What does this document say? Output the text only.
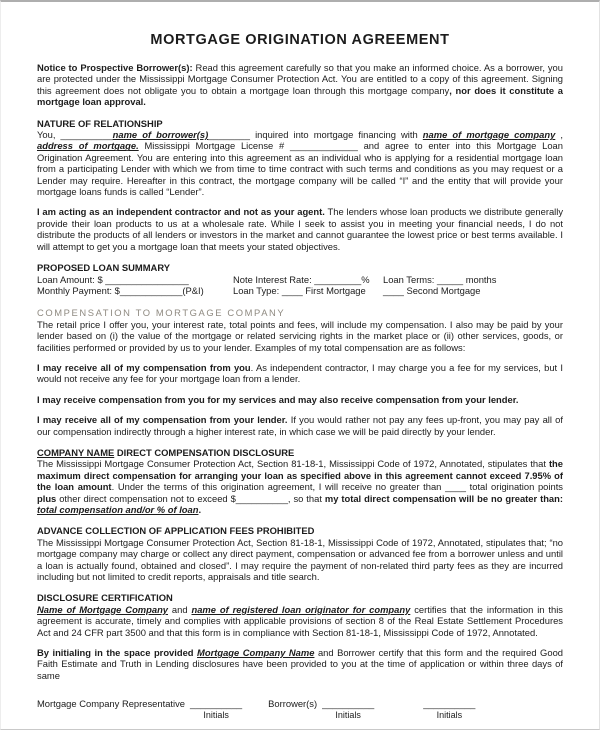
MORTGAGE ORIGINATION AGREEMENT
Notice to Prospective Borrower(s): Read this agreement carefully so that you make an informed choice. As a borrower, you are protected under the Mississippi Mortgage Consumer Protection Act. You are entitled to a copy of this agreement. Signing this agreement does not obligate you to obtain a mortgage loan through this mortgage company, nor does it constitute a mortgage loan approval.
NATURE OF RELATIONSHIP
You, __________name of borrower(s)________ inquired into mortgage financing with name of mortgage company , address of mortgage. Mississippi Mortgage License # _____________ and agree to enter into this Mortgage Loan Origination Agreement. You are entering into this agreement as an individual who is applying for a residential mortgage loan from a participating Lender with which we from time to time contract with such terms and conditions as you may request or a Lender may require. Hereafter in this contract, the mortgage company will be called “I” and the entity that will provide your mortgage loans funds is called “Lender”.
I am acting as an independent contractor and not as your agent. The lenders whose loan products we distribute generally provide their loan products to us at a wholesale rate. While I seek to assist you in meeting your financial needs, I do not distribute the products of all lenders or investors in the market and cannot guarantee the lowest price or best terms available. I will attempt to get you a mortgage loan that meets your stated objectives.
PROPOSED LOAN SUMMARY
Loan Amount: $ ________________	Note Interest Rate: _________%	Loan Terms: _____ months
Monthly Payment: $____________(P&I)	Loan Type: ____ First Mortgage	____ Second Mortgage
COMPENSATION TO MORTGAGE COMPANY
The retail price I offer you, your interest rate, total points and fees, will include my compensation. I also may be paid by your lender based on (i) the value of the mortgage or related servicing rights in the market place or (ii) other services, goods, or facilities performed or provided by us to your lender. Examples of my total compensation are as follows:
I may receive all of my compensation from you. As independent contractor, I may charge you a fee for my services, but I would not receive any fee for your mortgage loan from a lender.
I may receive compensation from you for my services and may also receive compensation from your lender.
I may receive all of my compensation from your lender. If you would rather not pay any fees up-front, you may pay all of our compensation indirectly through a higher interest rate, in which case we will be paid directly by your lender.
COMPANY NAME DIRECT COMPENSATION DISCLOSURE
The Mississippi Mortgage Consumer Protection Act, Section 81-18-1, Mississippi Code of 1972, Annotated, stipulates that the maximum direct compensation for arranging your loan as specified above in this agreement cannot exceed 7.95% of the loan amount. Under the terms of this origination agreement, I will receive no greater than ____ total origination points plus other direct compensation not to exceed $__________, so that my total direct compensation will be no greater than: total compensation and/or % of loan.
ADVANCE COLLECTION OF APPLICATION FEES PROHIBITED
The Mississippi Mortgage Consumer Protection Act, Section 81-18-1, Mississippi Code of 1972, Annotated, stipulates that; “no mortgage company may charge or collect any direct payment, compensation or advanced fee from a borrower unless and until a loan is actually found, obtained and closed”. I may require the payment of non-related third party fees as they are incurred including but not limited to credit reports, appraisals and title search.
DISCLOSURE CERTIFICATION
Name of Mortgage Company and name of registered loan originator for company certifies that the information in this agreement is accurate, timely and complies with applicable provisions of section 8 of the Real Estate Settlement Procedures Act and 24 CFR part 3500 and that this form is in compliance with Section 81-18-1, Mississippi Code of 1972, Annotated.
By initialing in the space provided Mortgage Company Name and Borrower certify that this form and the required Good Faith Estimate and Truth in Lending disclosures have been provided to you at the time of application or within three days of same
Mortgage Company Representative __________
Initials
Borrower(s) __________
Initials
__________
Initials
